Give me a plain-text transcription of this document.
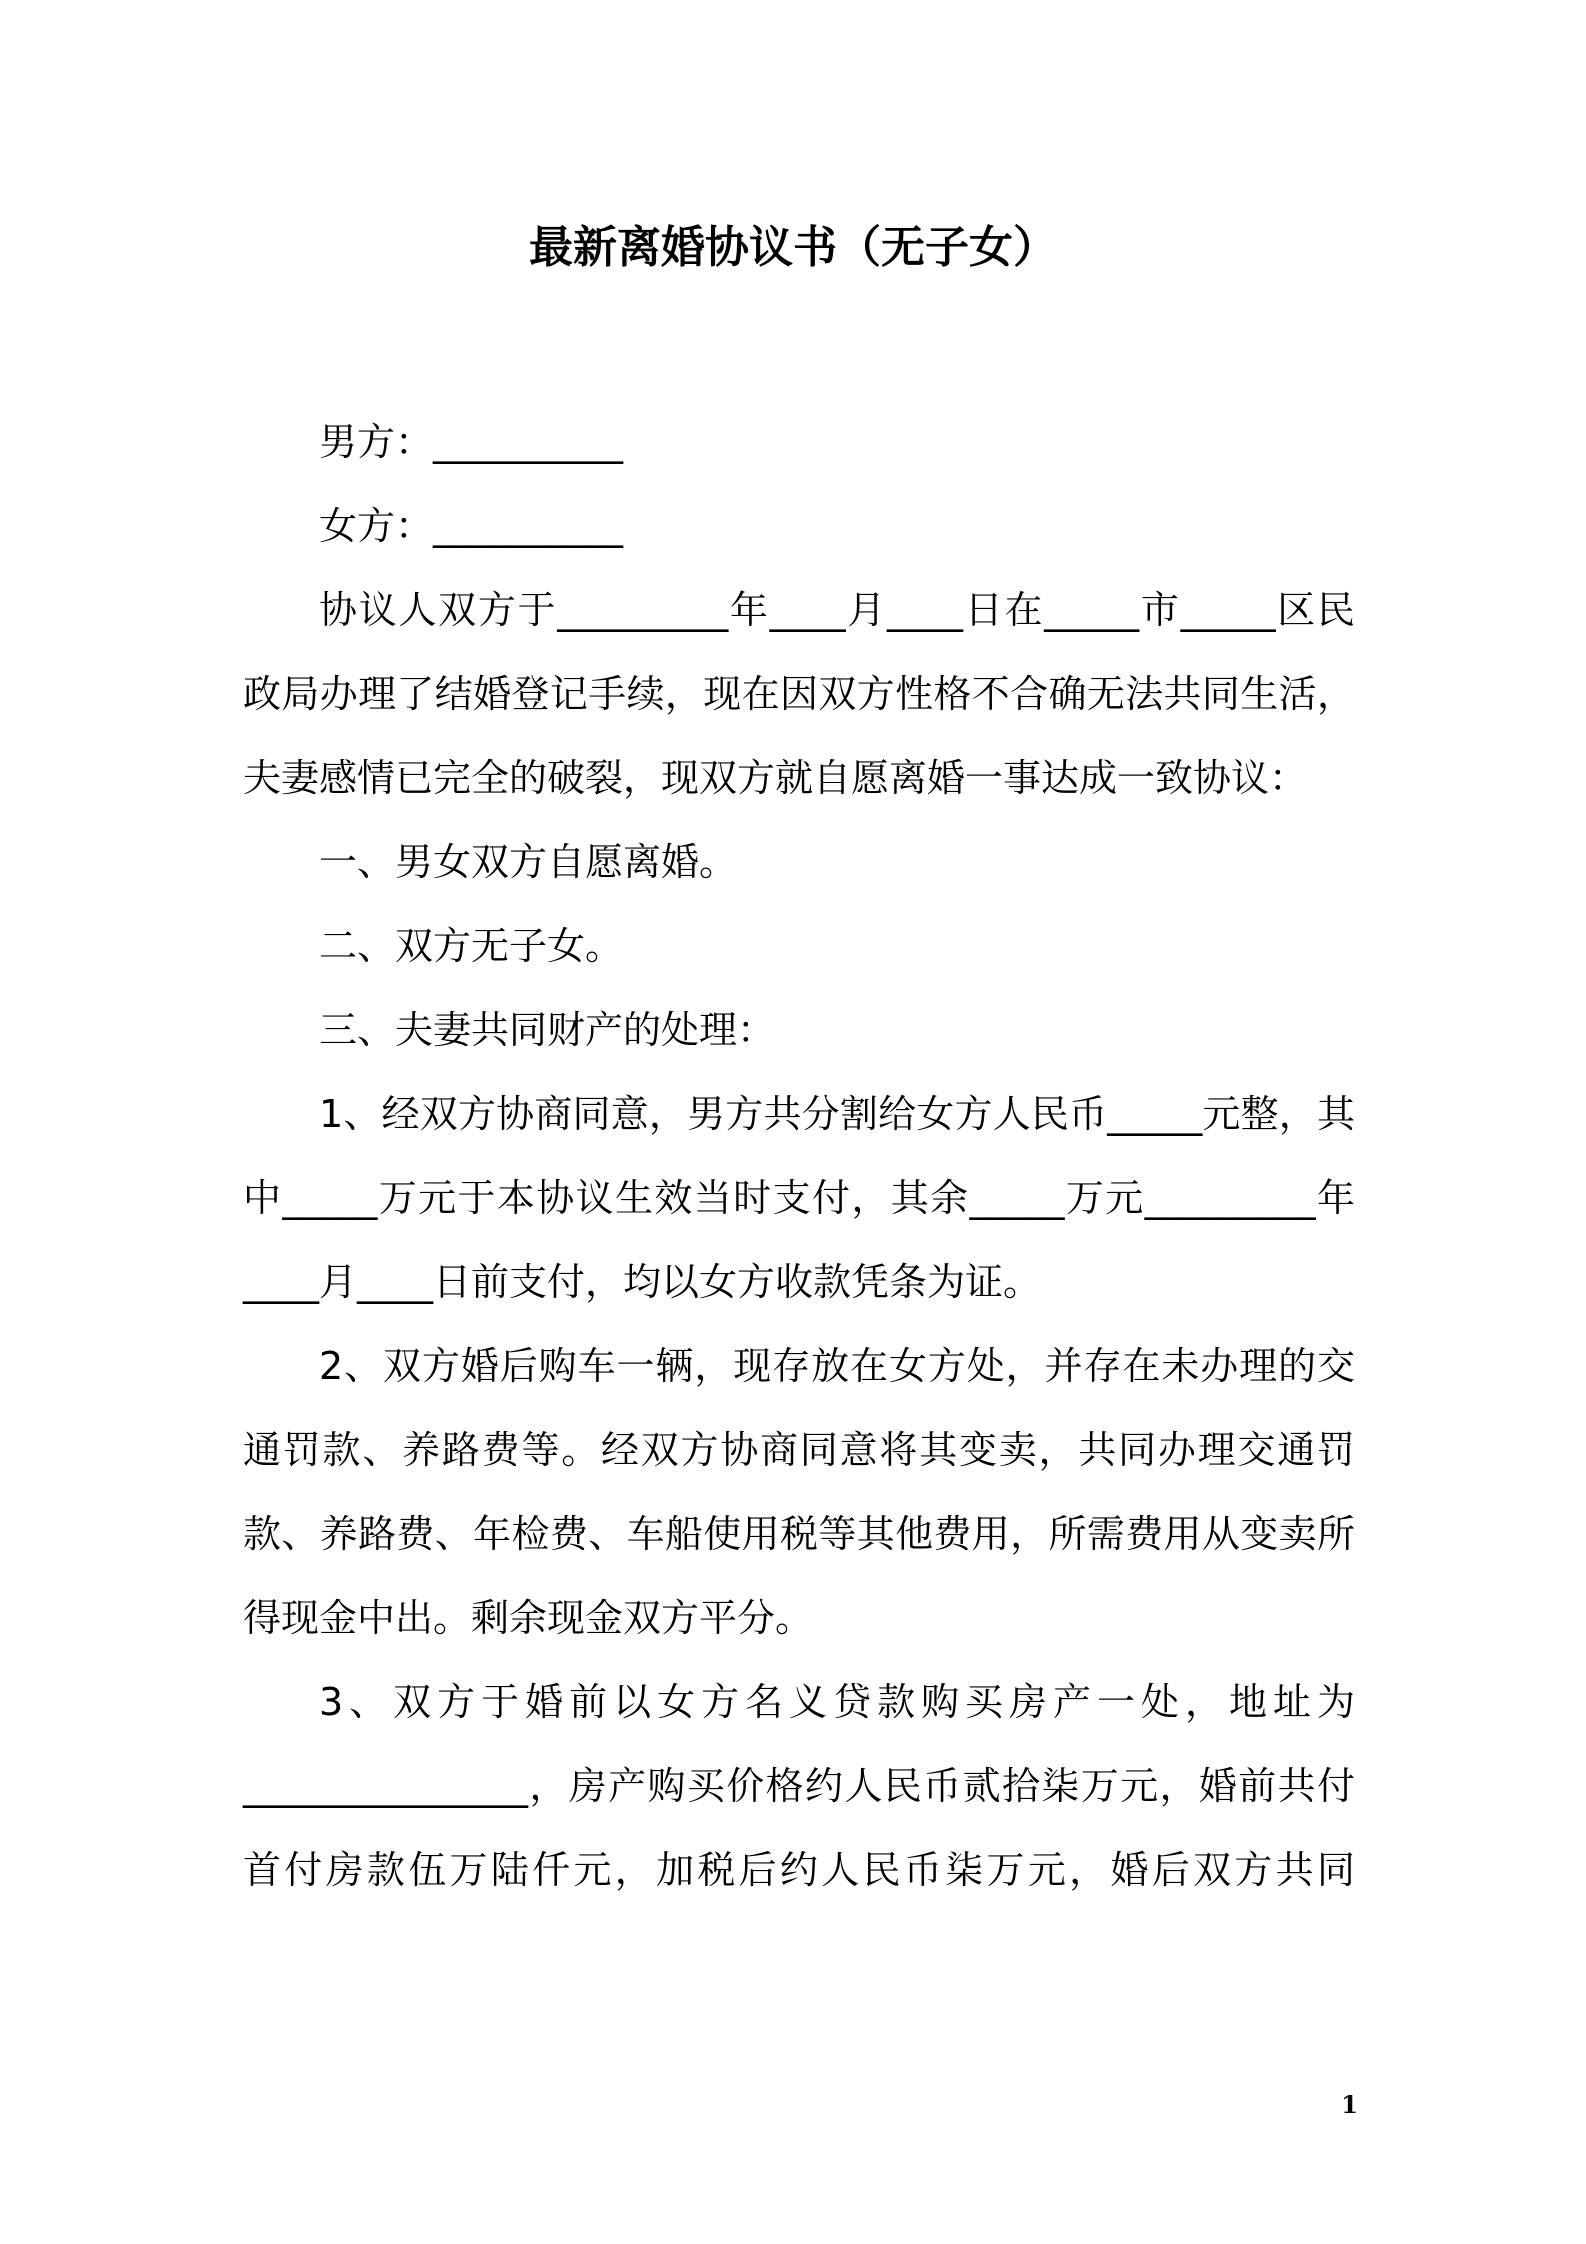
最新离婚协议书（无子女）

男方：__________

女方：__________

协议人双方于_________年____月____日在_____市_____区民政局办理了结婚登记手续，现在因双方性格不合确无法共同生活，夫妻感情已完全的破裂，现双方就自愿离婚一事达成一致协议：

一、男女双方自愿离婚。

二、双方无子女。

三、夫妻共同财产的处理：

1、经双方协商同意，男方共分割给女方人民币_____元整，其中_____万元于本协议生效当时支付，其余_____万元_________年____月____日前支付，均以女方收款凭条为证。

2、双方婚后购车一辆，现存放在女方处，并存在未办理的交通罚款、养路费等。经双方协商同意将其变卖，共同办理交通罚款、养路费、年检费、车船使用税等其他费用，所需费用从变卖所得现金中出。剩余现金双方平分。

3、双方于婚前以女方名义贷款购买房产一处，地址为_______________，房产购买价格约人民币贰拾柒万元，婚前共付首付房款伍万陆仟元，加税后约人民币柒万元，婚后双方共同

1
